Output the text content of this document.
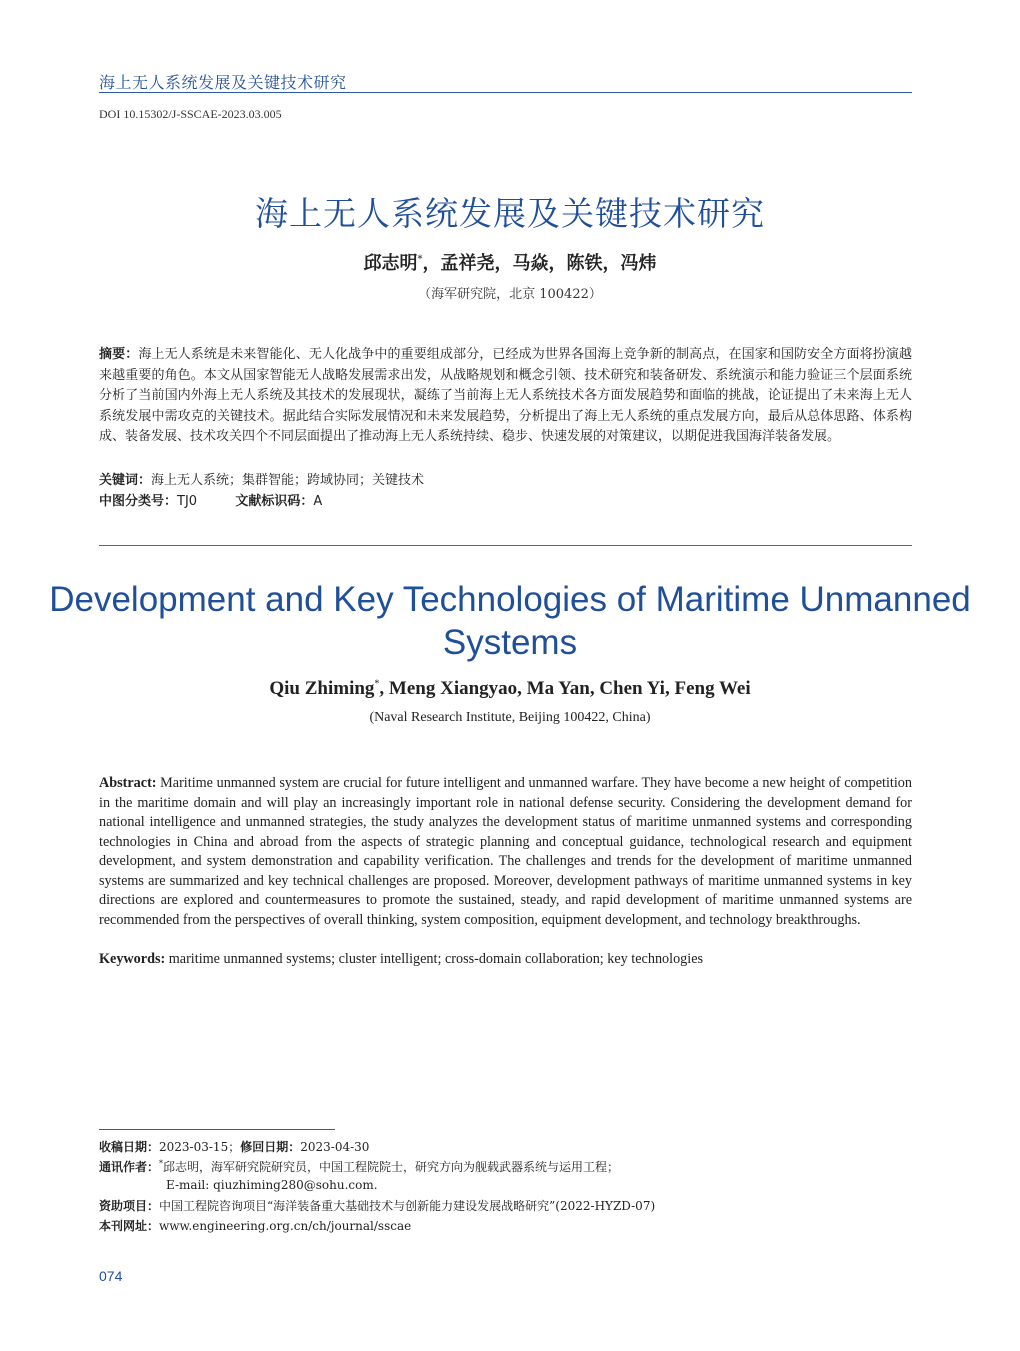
海上无人系统发展及关键技术研究
DOI 10.15302/J-SSCAE-2023.03.005
海上无人系统发展及关键技术研究
邱志明*，孟祥尧，马焱，陈铁，冯炜
（海军研究院，北京 100422）
摘要：海上无人系统是未来智能化、无人化战争中的重要组成部分，已经成为世界各国海上竞争新的制高点，在国家和国防安全方面将扮演越来越重要的角色。本文从国家智能无人战略发展需求出发，从战略规划和概念引领、技术研究和装备研发、系统演示和能力验证三个层面系统分析了当前国内外海上无人系统及其技术的发展现状，凝练了当前海上无人系统技术各方面发展趋势和面临的挑战，论证提出了未来海上无人系统发展中需攻克的关键技术。据此结合实际发展情况和未来发展趋势，分析提出了海上无人系统的重点发展方向，最后从总体思路、体系构成、装备发展、技术攻关四个不同层面提出了推动海上无人系统持续、稳步、快速发展的对策建议，以期促进我国海洋装备发展。
关键词：海上无人系统；集群智能；跨域协同；关键技术
中图分类号：TJ0	文献标识码：A
Development and Key Technologies of Maritime Unmanned Systems
Qiu Zhiming*, Meng Xiangyao, Ma Yan, Chen Yi, Feng Wei
(Naval Research Institute, Beijing 100422, China)
Abstract: Maritime unmanned system are crucial for future intelligent and unmanned warfare. They have become a new height of competition in the maritime domain and will play an increasingly important role in national defense security. Considering the development demand for national intelligence and unmanned strategies, the study analyzes the development status of maritime unmanned systems and corresponding technologies in China and abroad from the aspects of strategic planning and conceptual guidance, technological research and equipment development, and system demonstration and capability verification. The challenges and trends for the development of maritime unmanned systems are summarized and key technical challenges are proposed. Moreover, development pathways of maritime unmanned systems in key directions are explored and countermeasures to promote the sustained, steady, and rapid development of maritime unmanned systems are recommended from the perspectives of overall thinking, system composition, equipment development, and technology breakthroughs.
Keywords: maritime unmanned systems; cluster intelligent; cross-domain collaboration; key technologies
收稿日期：2023-03-15；修回日期：2023-04-30
通讯作者：*邱志明，海军研究院研究员，中国工程院院士，研究方向为舰载武器系统与运用工程；
E-mail: qiuzhiming280@sohu.com.
资助项目：中国工程院咨询项目“海洋装备重大基础技术与创新能力建设发展战略研究”(2022-HYZD-07)
本刊网址：www.engineering.org.cn/ch/journal/sscae
074
